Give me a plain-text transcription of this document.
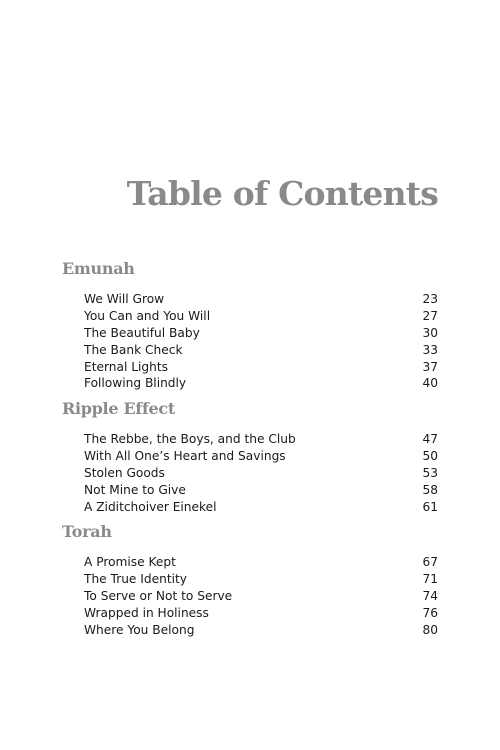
Table of Contents
Emunah
We Will Grow	23
You Can and You Will	27
The Beautiful Baby	30
The Bank Check	33
Eternal Lights	37
Following Blindly	40
Ripple Effect
The Rebbe, the Boys, and the Club	47
With All One’s Heart and Savings	50
Stolen Goods	53
Not Mine to Give	58
A Ziditchoiver Einekel	61
Torah
A Promise Kept	67
The True Identity	71
To Serve or Not to Serve	74
Wrapped in Holiness	76
Where You Belong	80
